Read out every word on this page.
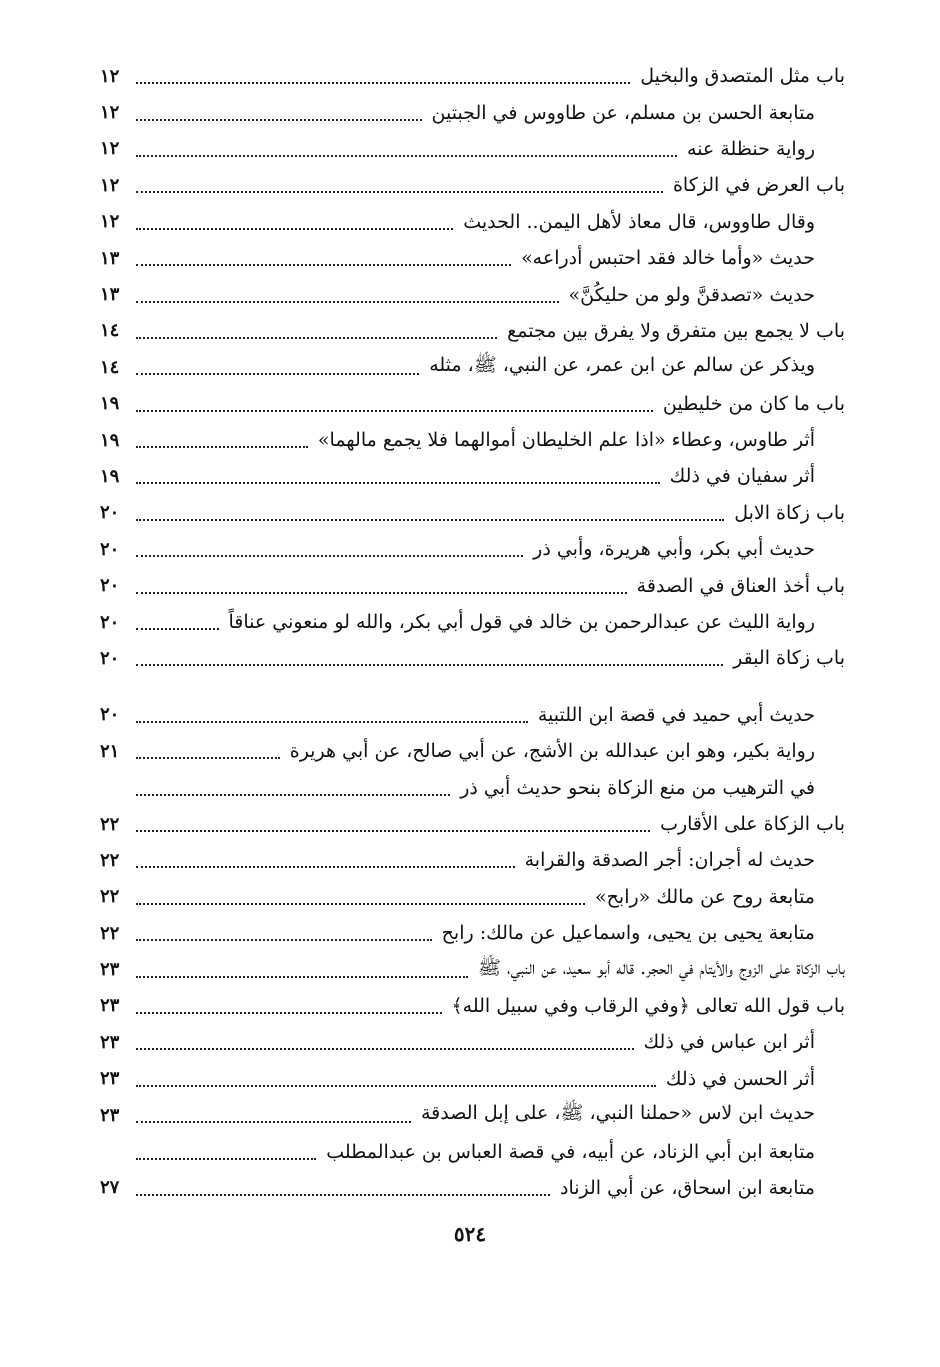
باب مثل المتصدق والبخيل
١٢
متابعة الحسن بن مسلم، عن طاووس في الجبتين
١٢
رواية حنظلة عنه
١٢
باب العرض في الزكاة
١٢
وقال طاووس، قال معاذ لأهل اليمن.. الحديث
١٢
حديث «وأما خالد فقد احتبس أدراعه»
١٣
حديث «تصدقنَّ ولو من حليكُنَّ»
١٣
باب لا يجمع بين متفرق ولا يفرق بين مجتمع
١٤
ويذكر عن سالم عن ابن عمر، عن النبي، ﷺ، مثله
١٤
باب ما كان من خليطين
١٩
أثر طاوس، وعطاء «اذا علم الخليطان أموالهما فلا يجمع مالهما»
١٩
أثر سفيان في ذلك
١٩
باب زكاة الابل
٢٠
حديث أبي بكر، وأبي هريرة، وأبي ذر
٢٠
باب أخذ العناق في الصدقة
٢٠
رواية الليث عن عبدالرحمن بن خالد في قول أبي بكر، والله لو منعوني عناقاً
٢٠
باب زكاة البقر
٢٠
حديث أبي حميد في قصة ابن اللتبية
٢٠
رواية بكير، وهو ابن عبدالله بن الأشج، عن أبي صالح، عن أبي هريرة
٢١
في الترهيب من منع الزكاة بنحو حديث أبي ذر
باب الزكاة على الأقارب
٢٢
حديث له أجران: أجر الصدقة والقرابة
٢٢
متابعة روح عن مالك «رابح»
٢٢
متابعة يحيى بن يحيى، واسماعيل عن مالك: رابح
٢٢
باب الزكاة على الزوج والأيتام في الحجر. قاله أبو سعيد، عن النبي، ﷺ
٢٣
باب قول الله تعالى ﴿وفي الرقاب وفي سبيل الله﴾
٢٣
أثر ابن عباس في ذلك
٢٣
أثر الحسن في ذلك
٢٣
حديث ابن لاس «حملنا النبي، ﷺ، على إبل الصدقة
٢٣
متابعة ابن أبي الزناد، عن أبيه، في قصة العباس بن عبدالمطلب
متابعة ابن اسحاق، عن أبي الزناد
٢٧
٥٢٤
